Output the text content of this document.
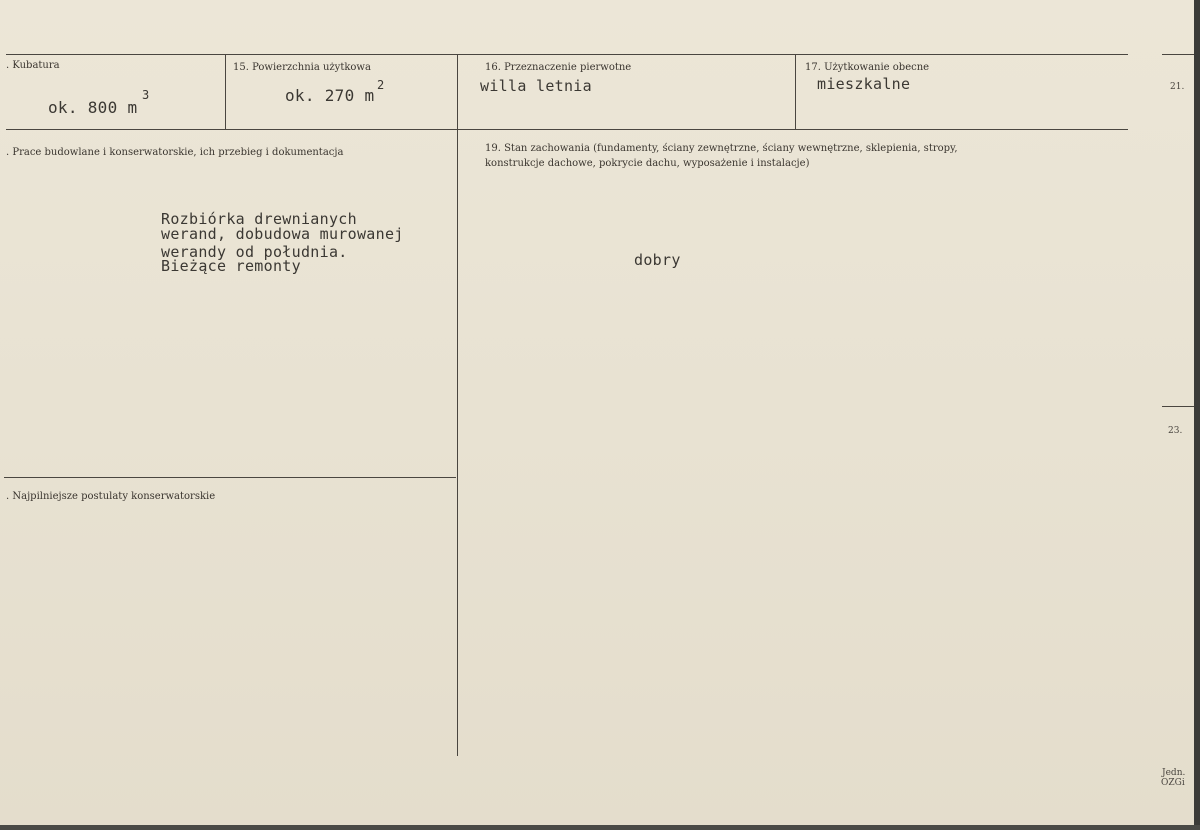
21.
23.
Jedn.
OZGi
. Kubatura
ok. 800 m
3
15. Powierzchnia użytkowa
ok. 270 m
2
16. Przeznaczenie pierwotne
willa letnia
17. Użytkowanie obecne
mieszkalne
. Prace budowlane i konserwatorskie, ich przebieg i dokumentacja
Rozbiórka drewnianych
werand, dobudowa murowanej
werandy od południa.
Bieżące remonty
19. Stan zachowania (fundamenty, ściany zewnętrzne, ściany wewnętrzne, sklepienia, stropy,
konstrukcje dachowe, pokrycie dachu, wyposażenie i instalacje)
dobry
. Najpilniejsze postulaty konserwatorskie
